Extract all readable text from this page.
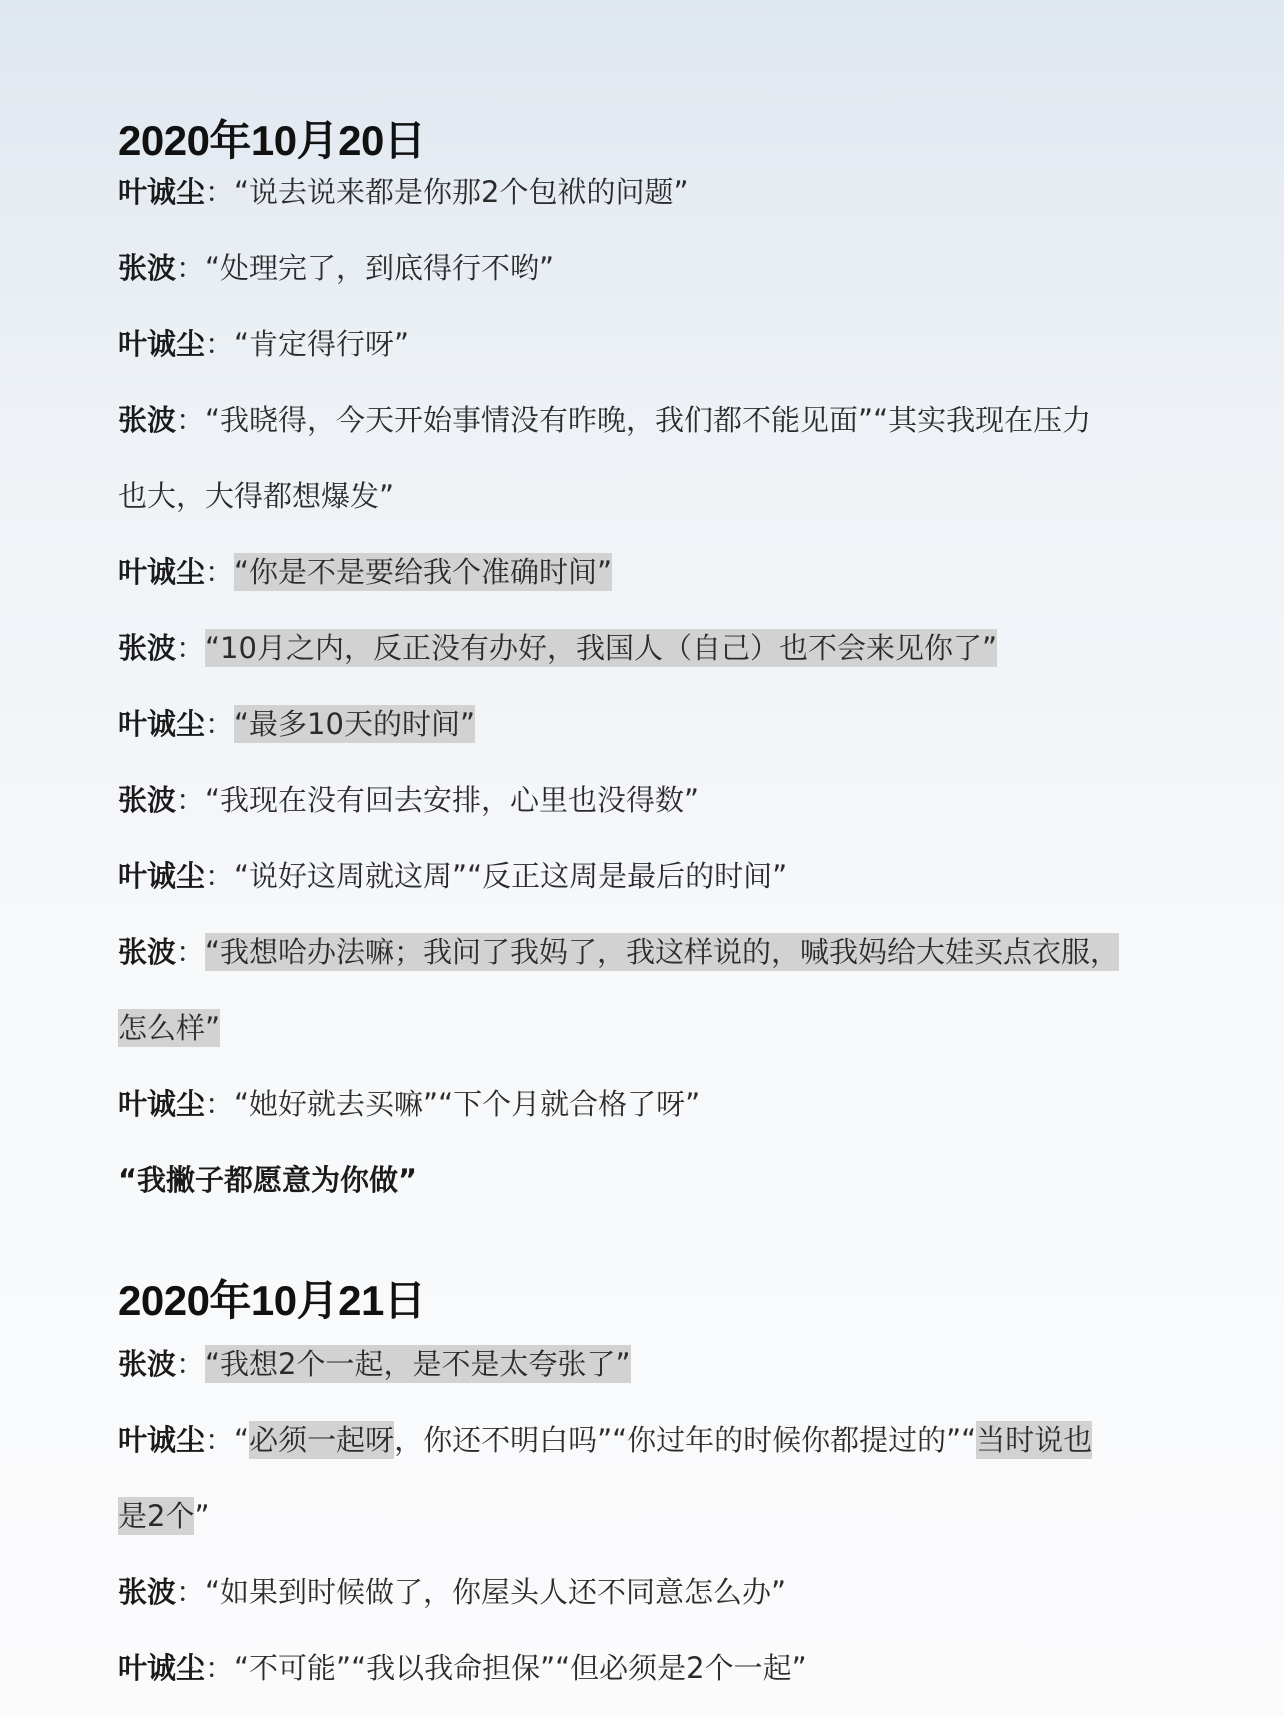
2020年10月20日

叶诚尘：“说去说来都是你那2个包袱的问题”

张波：“处理完了，到底得行不哟”

叶诚尘：“肯定得行呀”

张波：“我晓得，今天开始事情没有昨晚，我们都不能见面”“其实我现在压力

也大，大得都想爆发”

叶诚尘：“你是不是要给我个准确时间”

张波：“10月之内，反正没有办好，我国人（自己）也不会来见你了”

叶诚尘：“最多10天的时间”

张波：“我现在没有回去安排，心里也没得数”

叶诚尘：“说好这周就这周”“反正这周是最后的时间”

张波：“我想哈办法嘛；我问了我妈了，我这样说的，喊我妈给大娃买点衣服，

怎么样”

叶诚尘：“她好就去买嘛”“下个月就合格了呀”

“我撇子都愿意为你做”

2020年10月21日

张波：“我想2个一起，是不是太夸张了”

叶诚尘：“必须一起呀，你还不明白吗”“你过年的时候你都提过的”“当时说也

是2个”

张波：“如果到时候做了，你屋头人还不同意怎么办”

叶诚尘：“不可能”“我以我命担保”“但必须是2个一起”
